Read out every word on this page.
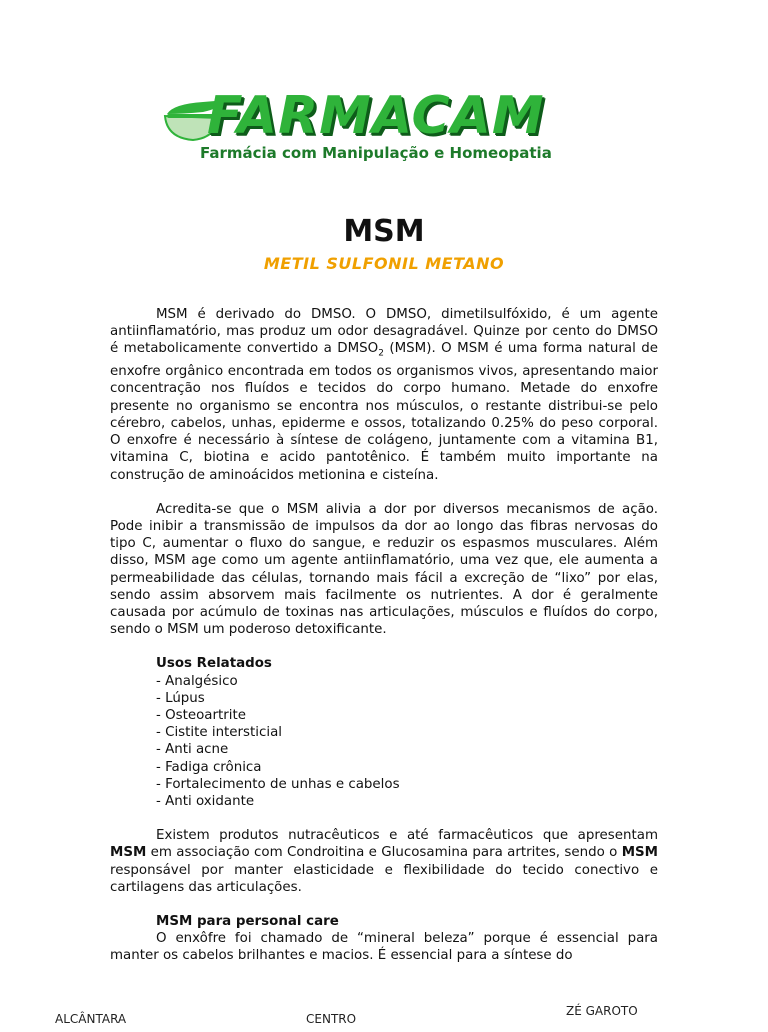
FARMACAM
Farmácia com Manipulação e Homeopatia
MSM
METIL SULFONIL METANO

MSM é derivado do DMSO. O DMSO, dimetilsulfóxido, é um agente antiinflamatório, mas produz um odor desagradável. Quinze por cento do DMSO é metabolicamente convertido a $DMSO_2$ (MSM). O MSM é uma forma natural de enxofre orgânico encontrada em todos os organismos vivos, apresentando maior concentração nos fluídos e tecidos do corpo humano. Metade do enxofre presente no organismo se encontra nos músculos, o restante distribui-se pelo cérebro, cabelos, unhas, epiderme e ossos, totalizando 0.25% do peso corporal. O enxofre é necessário à síntese de colágeno, juntamente com a vitamina B1, vitamina C, biotina e acido pantotênico. É também muito importante na construção de aminoácidos metionina e cisteína.

Acredita-se que o MSM alivia a dor por diversos mecanismos de ação. Pode inibir a transmissão de impulsos da dor ao longo das fibras nervosas do tipo C, aumentar o fluxo do sangue, e reduzir os espasmos musculares. Além disso, MSM age como um agente antiinflamatório, uma vez que, ele aumenta a permeabilidade das células, tornando mais fácil a excreção de “lixo” por elas, sendo assim absorvem mais facilmente os nutrientes. A dor é geralmente causada por acúmulo de toxinas nas articulações, músculos e fluídos do corpo, sendo o MSM um poderoso detoxificante.

Usos Relatados
- Analgésico
- Lúpus
- Osteoartrite
- Cistite intersticial
- Anti acne
- Fadiga crônica
- Fortalecimento de unhas e cabelos
- Anti oxidante

Existem produtos nutracêuticos e até farmacêuticos que apresentam MSM em associação com Condroitina e Glucosamina para artrites, sendo o MSM responsável por manter elasticidade e flexibilidade do tecido conectivo e cartilagens das articulações.

MSM para personal care

O enxôfre foi chamado de “mineral beleza” porque é essencial para manter os cabelos brilhantes e macios. É essencial para a síntese do

ALCÂNTARA	CENTRO
ZÉ GAROTO
